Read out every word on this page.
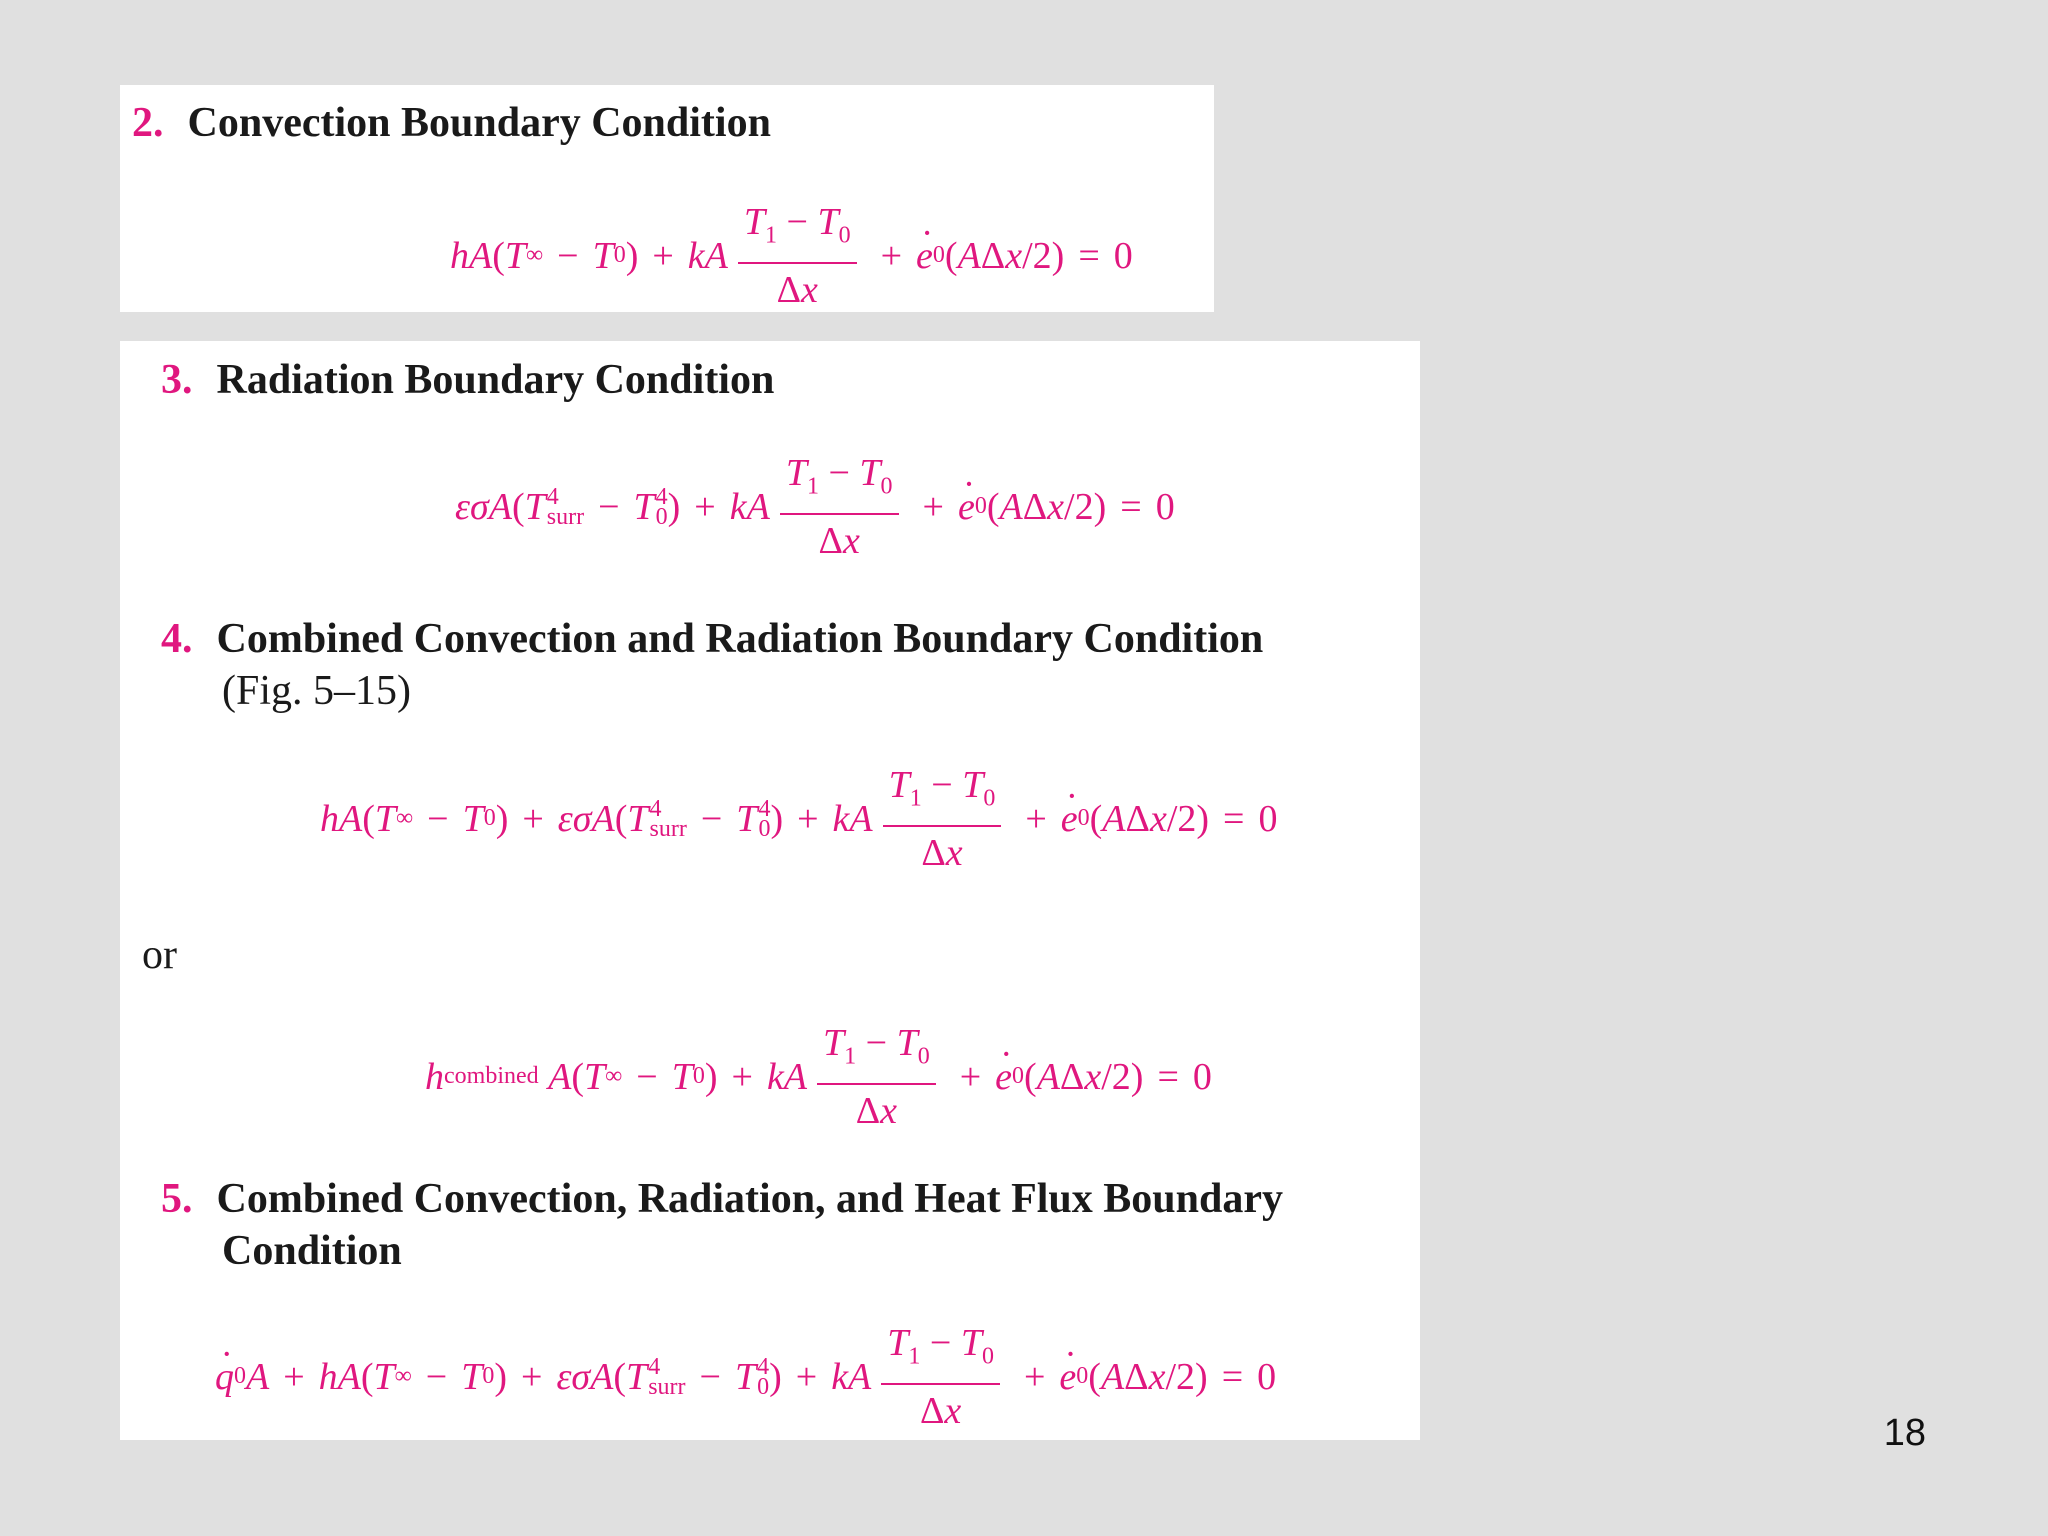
2. Convection Boundary Condition
hA ( T ∞ − T 0 ) + kA $\frac{T_1 - T_0}{\Delta x}$ + · e 0 ( A Δ x /2) = 0
3. Radiation Boundary Condition
εσA ( T 4
surr − T 4
0 ) + kA $\frac{T_1 - T_0}{\Delta x}$ + · e 0 ( A Δ x /2) = 0
4. Combined Convection and Radiation Boundary Condition
(Fig. 5–15)
hA ( T ∞ − T 0 ) + εσA ( T 4
surr − T 4
0 ) + kA $\frac{T_1 - T_0}{\Delta x}$ + · e 0 ( A Δ x /2) = 0
or
h combined
A ( T ∞ − T 0 ) + kA $\frac{T_1 - T_0}{\Delta x}$ + · e 0 ( A Δ x /2) = 0
5. Combined Convection, Radiation, and Heat Flux Boundary
Condition
· q 0 A + hA ( T ∞ − T 0 ) + εσA ( T 4
surr − T 4
0 ) + kA $\frac{T_1 - T_0}{\Delta x}$ + · e 0 ( A Δ x /2) = 0
18
